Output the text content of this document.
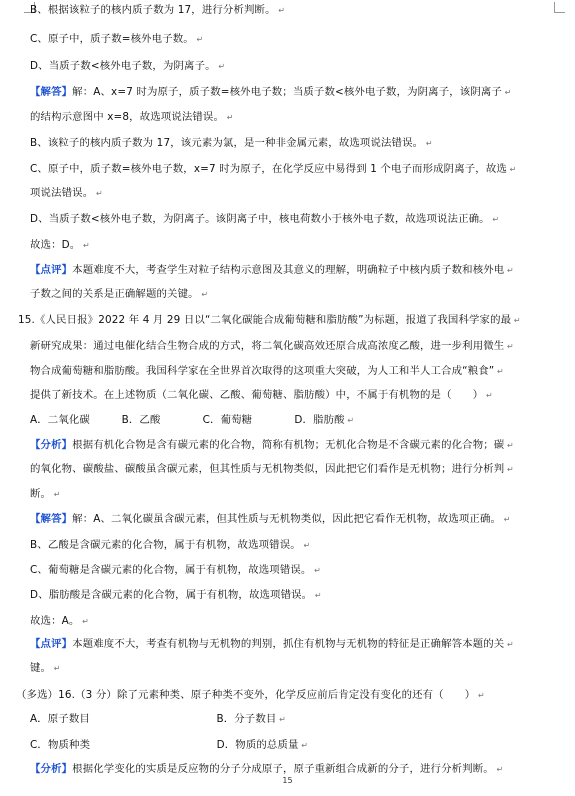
B、根据该粒子的核内质子数为 17，进行分析判断。 ↵
C、原子中，质子数=核外电子数。 ↵
D、当质子数<核外电子数，为阴离子。 ↵
【解答】解：A、x=7 时为原子，质子数=核外电子数；当质子数<核外电子数，为阴离子，该阴离子 ↵
的结构示意图中 x=8，故选项说法错误。 ↵
B、该粒子的核内质子数为 17，该元素为氯，是一种非金属元素，故选项说法错误。 ↵
C、原子中，质子数=核外电子数，x=7 时为原子，在化学反应中易得到 1 个电子而形成阴离子，故选 ↵
项说法错误。 ↵
D、当质子数<核外电子数，为阴离子。该阴离子中，核电荷数小于核外电子数，故选项说法正确。 ↵
故选：D。 ↵
【点评】本题难度不大，考查学生对粒子结构示意图及其意义的理解，明确粒子中核内质子数和核外电 ↵
子数之间的关系是正确解题的关键。 ↵
15.《人民日报》2022 年 4 月 29 日以“二氧化碳能合成葡萄糖和脂肪酸”为标题，报道了我国科学家的最 ↵
新研究成果：通过电催化结合生物合成的方式，将二氧化碳高效还原合成高浓度乙酸，进一步利用微生 ↵
物合成葡萄糖和脂肪酸。我国科学家在全世界首次取得的这项重大突破，为人工和半人工合成“粮食” ↵
提供了新技术。在上述物质（二氧化碳、乙酸、葡萄糖、脂肪酸）中，不属于有机物的是（　　） ↵
A．二氧化碳　　　B．乙酸　　　　C．葡萄糖　　　　D．脂肪酸 ↵
【分析】根据有机化合物是含有碳元素的化合物，简称有机物；无机化合物是不含碳元素的化合物；碳 ↵
的氧化物、碳酸盐、碳酸虽含碳元素，但其性质与无机物类似，因此把它们看作是无机物；进行分析判 ↵
断。 ↵
【解答】解：A、二氧化碳虽含碳元素，但其性质与无机物类似，因此把它看作无机物，故选项正确。 ↵
B、乙酸是含碳元素的化合物，属于有机物，故选项错误。 ↵
C、葡萄糖是含碳元素的化合物，属于有机物，故选项错误。 ↵
D、脂肪酸是含碳元素的化合物，属于有机物，故选项错误。 ↵
故选：A。 ↵
【点评】本题难度不大，考查有机物与无机物的判别，抓住有机物与无机物的特征是正确解答本题的关 ↵
键。 ↵
（多选）16.（3 分）除了元素种类、原子种类不变外，化学反应前后肯定没有变化的还有（　　） ↵
A．原子数目　　　　　　　　　　　　B．分子数目 ↵
C．物质种类　　　　　　　　　　　　D．物质的总质量 ↵
【分析】根据化学变化的实质是反应物的分子分成原子，原子重新组合成新的分子，进行分析判断。 ↵
15
